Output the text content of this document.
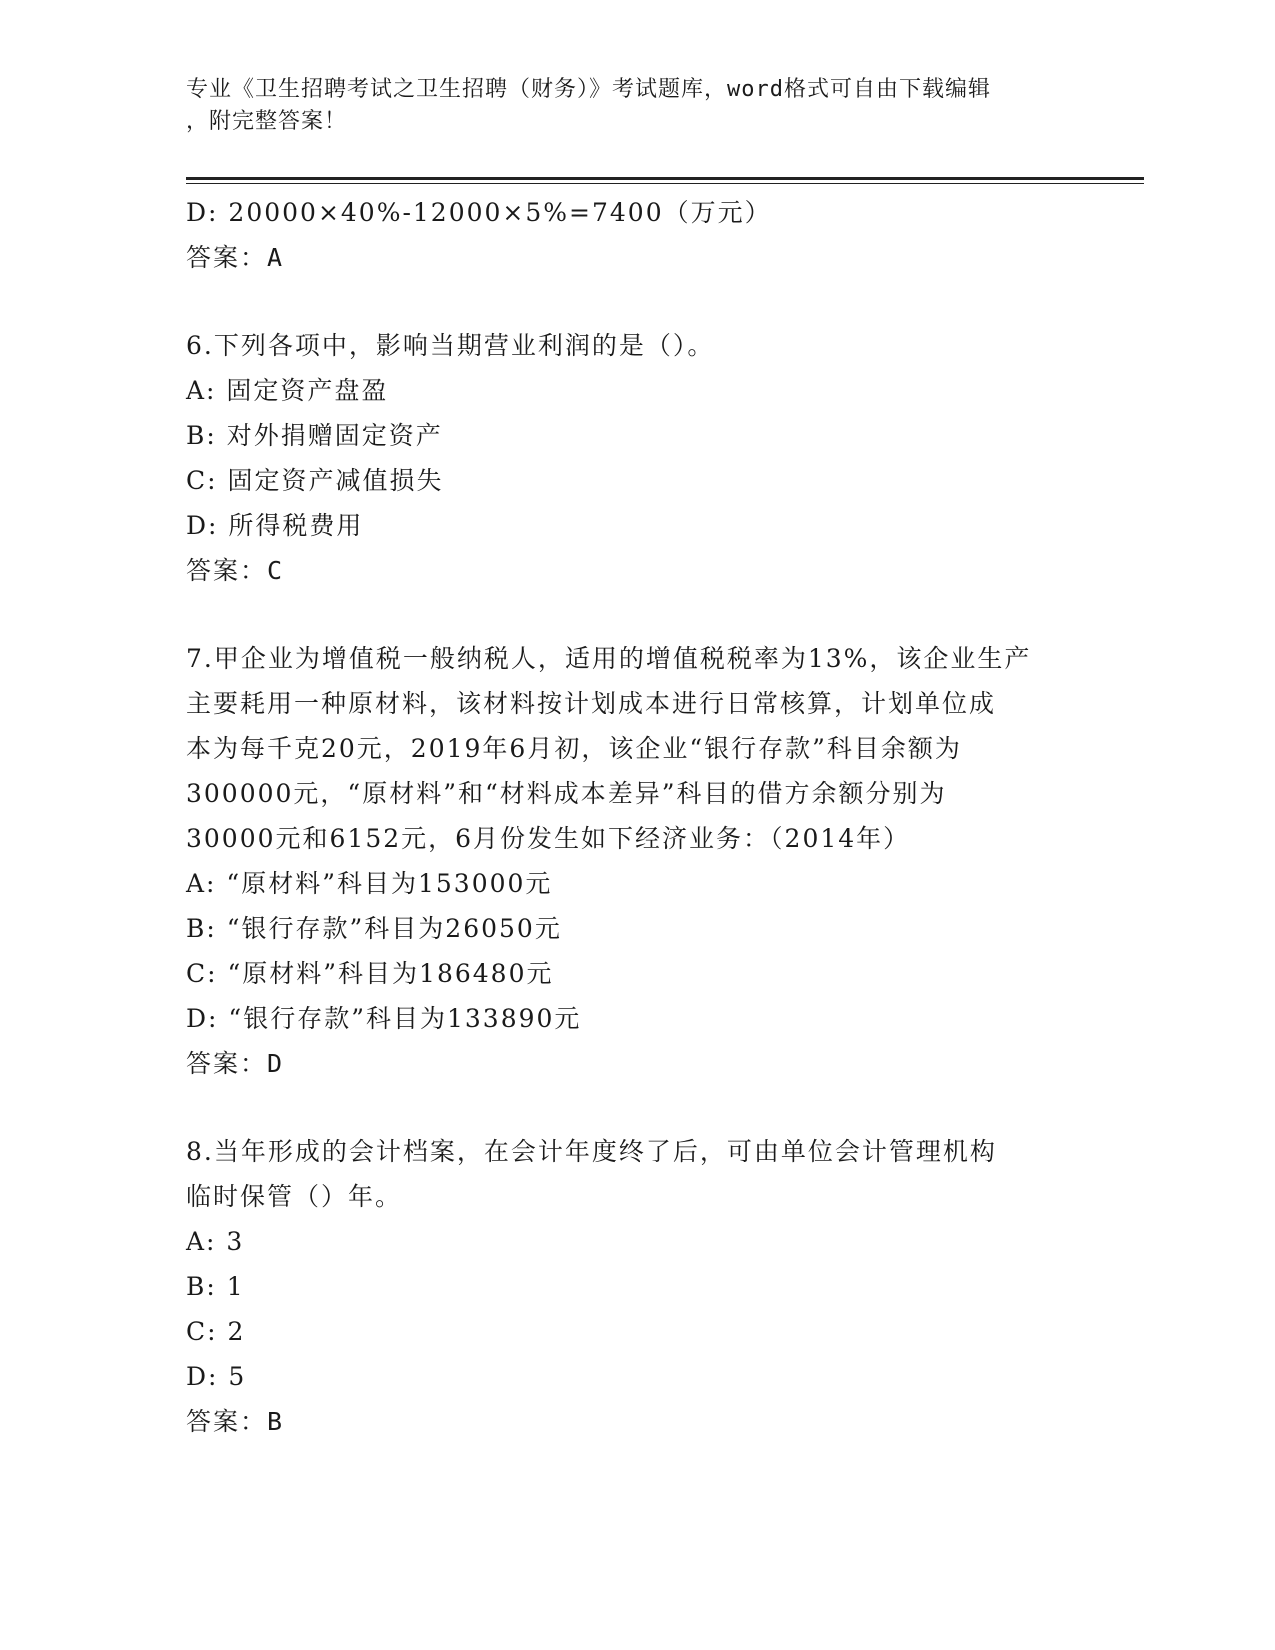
专业《卫生招聘考试之卫生招聘（财务）》考试题库，word格式可自由下载编辑
，附完整答案！

D: 20000×40%-12000×5%=7400（万元）

答案：A

6.下列各项中，影响当期营业利润的是（）。

A: 固定资产盘盈

B: 对外捐赠固定资产

C: 固定资产减值损失

D: 所得税费用

答案：C

7.甲企业为增值税一般纳税人，适用的增值税税率为13%，该企业生产

主要耗用一种原材料，该材料按计划成本进行日常核算，计划单位成

本为每千克20元，2019年6月初，该企业“银行存款”科目余额为

300000元，“原材料”和“材料成本差异”科目的借方余额分别为

30000元和6152元，6月份发生如下经济业务：（2014年）

A: “原材料”科目为153000元

B: “银行存款”科目为26050元

C: “原材料”科目为186480元

D: “银行存款”科目为133890元

答案：D

8.当年形成的会计档案，在会计年度终了后，可由单位会计管理机构

临时保管（）年。

A: 3

B: 1

C: 2

D: 5

答案：B
